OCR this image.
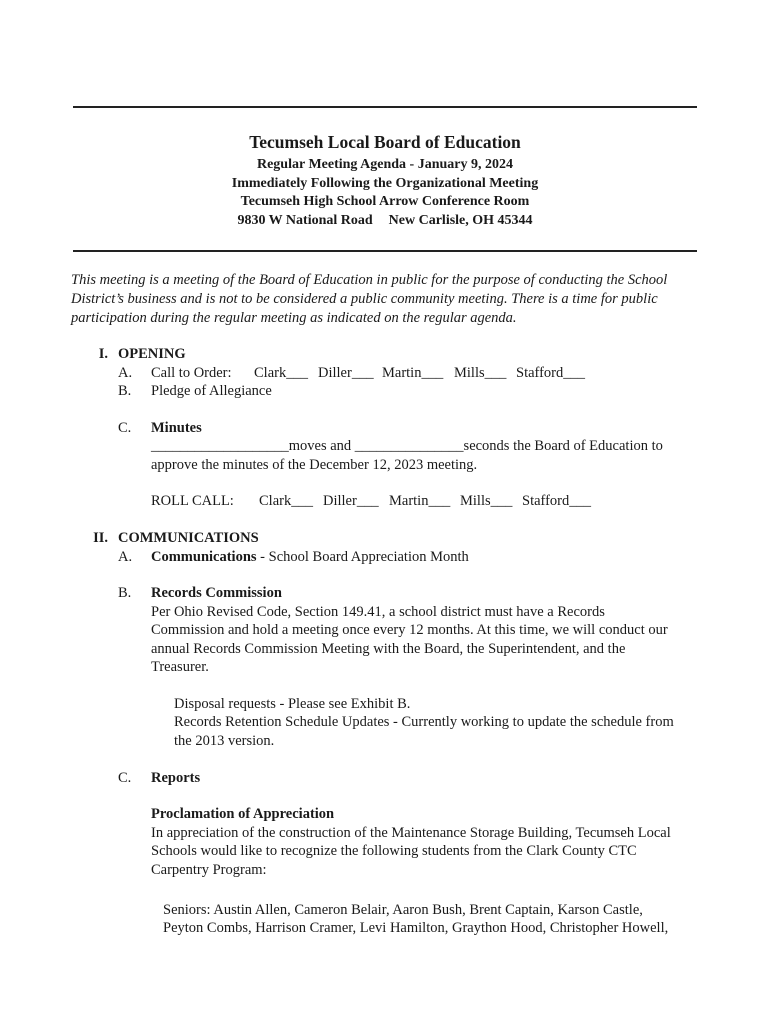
Tecumseh Local Board of Education
Regular Meeting Agenda - January 9, 2024
Immediately Following the Organizational Meeting
Tecumseh High School Arrow Conference Room
9830 W National Road New Carlisle, OH 45344
This meeting is a meeting of the Board of Education in public for the purpose of conducting the School District’s business and is not to be considered a public community meeting. There is a time for public participation during the regular meeting as indicated on the regular agenda.
I. OPENING
A. Call to Order: Clark___ Diller___ Martin___ Mills___ Stafford___
B. Pledge of Allegiance
C. Minutes
___________________moves and _______________seconds the Board of Education to
approve the minutes of the December 12, 2023 meeting.
ROLL CALL: Clark___ Diller___ Martin___ Mills___ Stafford___
II. COMMUNICATIONS
A. Communications - School Board Appreciation Month
B. Records Commission
Per Ohio Revised Code, Section 149.41, a school district must have a Records
Commission and hold a meeting once every 12 months. At this time, we will conduct our
annual Records Commission Meeting with the Board, the Superintendent, and the
Treasurer.
Disposal requests - Please see Exhibit B.
Records Retention Schedule Updates - Currently working to update the schedule from
the 2013 version.
C. Reports
Proclamation of Appreciation
In appreciation of the construction of the Maintenance Storage Building, Tecumseh Local
Schools would like to recognize the following students from the Clark County CTC
Carpentry Program:
Seniors: Austin Allen, Cameron Belair, Aaron Bush, Brent Captain, Karson Castle,
Peyton Combs, Harrison Cramer, Levi Hamilton, Graython Hood, Christopher Howell,
